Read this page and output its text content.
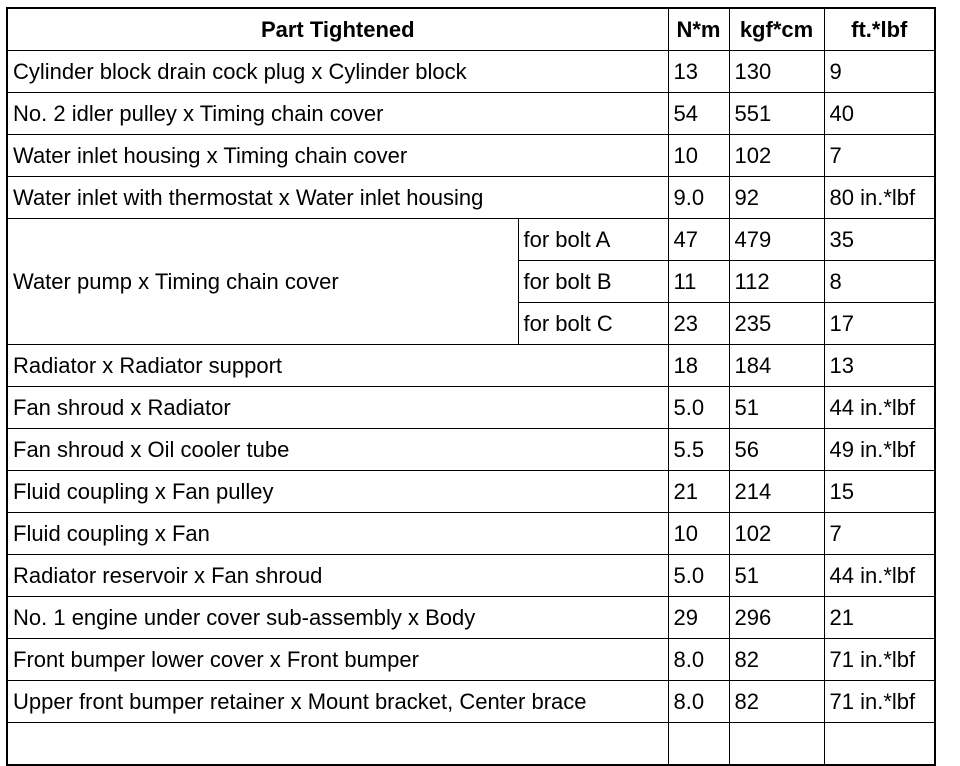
Part Tightened		N*m	kgf*cm	ft.*lbf
Cylinder block drain cock plug x Cylinder block		13	130	9
No. 2 idler pulley x Timing chain cover		54	551	40
Water inlet housing x Timing chain cover		10	102	7
Water inlet with thermostat x Water inlet housing		9.0	92	80 in.*lbf
Water pump x Timing chain cover	for bolt A	47	479	35
	for bolt B	11	112	8
	for bolt C	23	235	17
Radiator x Radiator support		18	184	13
Fan shroud x Radiator		5.0	51	44 in.*lbf
Fan shroud x Oil cooler tube		5.5	56	49 in.*lbf
Fluid coupling x Fan pulley		21	214	15
Fluid coupling x Fan		10	102	7
Radiator reservoir x Fan shroud		5.0	51	44 in.*lbf
No. 1 engine under cover sub-assembly x Body		29	296	21
Front bumper lower cover x Front bumper		8.0	82	71 in.*lbf
Upper front bumper retainer x Mount bracket, Center brace		8.0	82	71 in.*lbf
